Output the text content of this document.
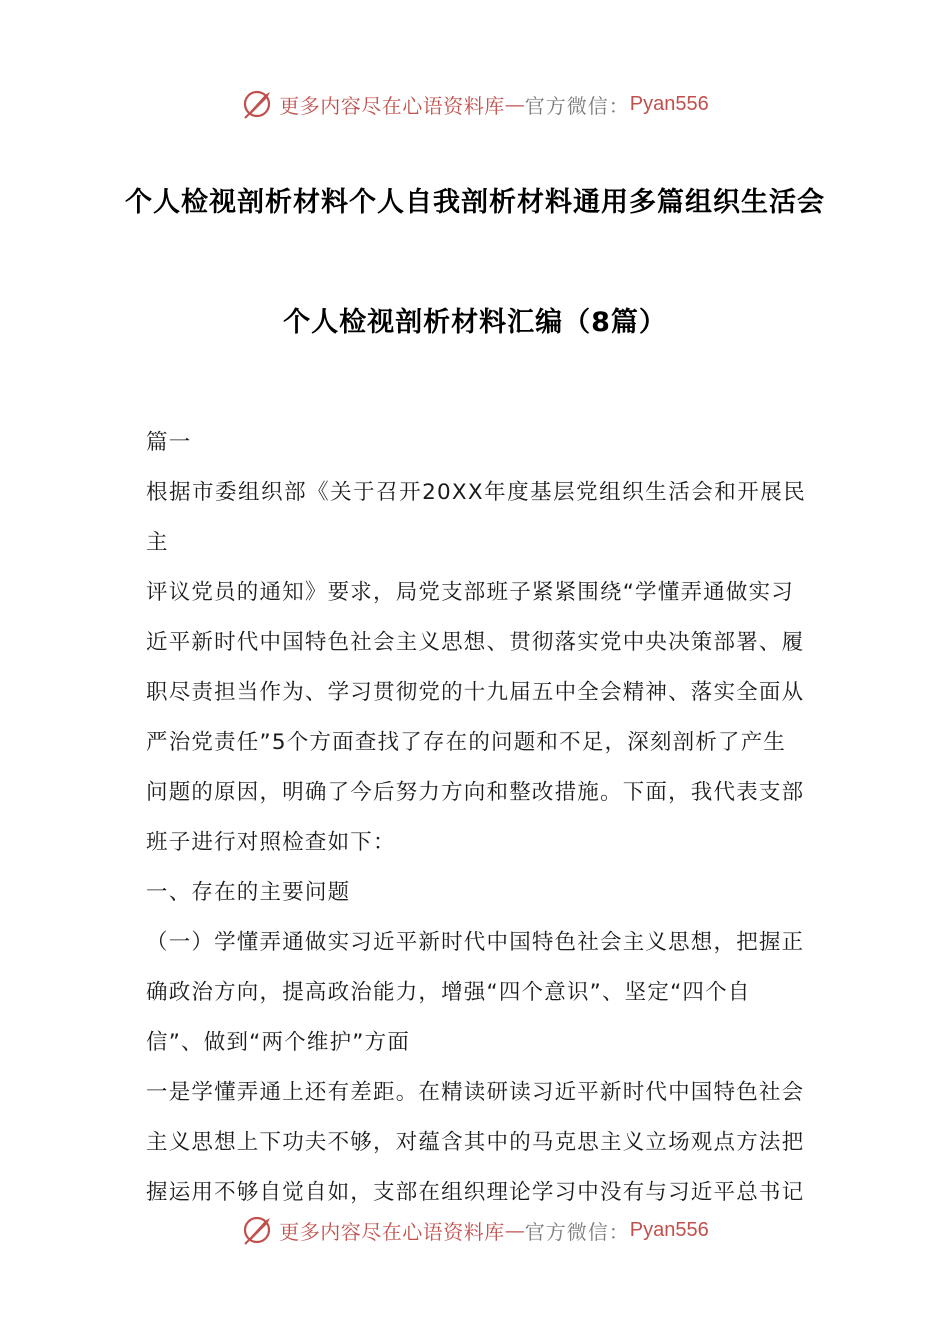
更多内容尽在心语资料库 — 官方微信： Pyan556
个人检视剖析材料个人自我剖析材料通用多篇组织生活会
个人检视剖析材料汇编（8篇）

篇一

根据市委组织部《关于召开20XX年度基层党组织生活会和开展民主

评议党员的通知》要求，局党支部班子紧紧围绕“学懂弄通做实习

近平新时代中国特色社会主义思想、贯彻落实党中央决策部署、履

职尽责担当作为、学习贯彻党的十九届五中全会精神、落实全面从

严治党责任”5个方面查找了存在的问题和不足，深刻剖析了产生

问题的原因，明确了今后努力方向和整改措施。下面，我代表支部

班子进行对照检查如下：

一、存在的主要问题

（一）学懂弄通做实习近平新时代中国特色社会主义思想，把握正

确政治方向，提高政治能力，增强“四个意识”、坚定“四个自

信”、做到“两个维护”方面

一是学懂弄通上还有差距。在精读研读习近平新时代中国特色社会

主义思想上下功夫不够，对蕴含其中的马克思主义立场观点方法把

握运用不够自觉自如，支部在组织理论学习中没有与习近平总书记

更多内容尽在心语资料库 — 官方微信： Pyan556
